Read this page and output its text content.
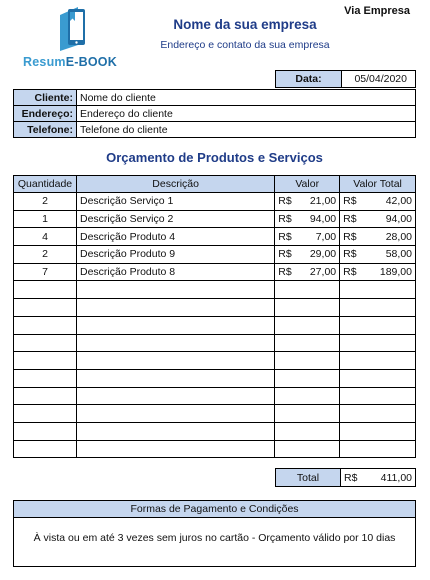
Via Empresa
ResumE-BOOK
Nome da sua empresa
Endereço e contato da sua empresa
Data:	05/04/2020
Cliente:	Nome do cliente
Endereço:	Endereço do cliente
Telefone:	Telefone do cliente
Orçamento de Produtos e Serviços
Quantidade	Descrição	Valor	Valor Total
2	Descrição Serviço 1	R$ 21,00	R$ 42,00

1	Descrição Serviço 2	R$ 94,00	R$ 94,00

4	Descrição Produto 4	R$ 7,00	R$ 28,00

2	Descrição Produto 9	R$ 29,00	R$ 58,00

7	Descrição Produto 8	R$ 27,00	R$ 189,00

Total	R$ 411,00
Formas de Pagamento e Condições
À vista ou em até 3 vezes sem juros no cartão - Orçamento válido por 10 dias
